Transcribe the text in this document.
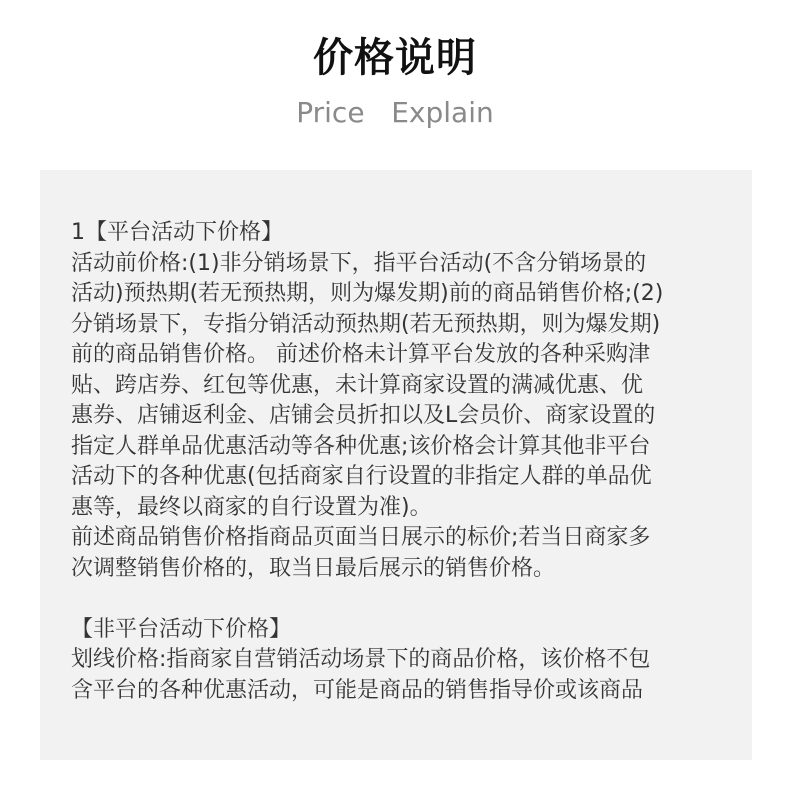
价格说明
Price   Explain
1【平台活动下价格】
活动前价格:(1)非分销场景下，指平台活动(不含分销场景的
活动)预热期(若无预热期，则为爆发期)前的商品销售价格;(2)
分销场景下，专指分销活动预热期(若无预热期，则为爆发期)
前的商品销售价格。 前述价格未计算平台发放的各种采购津
贴、跨店券、红包等优惠，未计算商家设置的满减优惠、优
惠券、店铺返利金、店铺会员折扣以及L会员价、商家设置的
指定人群单品优惠活动等各种优惠;该价格会计算其他非平台
活动下的各种优惠(包括商家自行设置的非指定人群的单品优
惠等，最终以商家的自行设置为准)。
前述商品销售价格指商品页面当日展示的标价;若当日商家多
次调整销售价格的，取当日最后展示的销售价格。
【非平台活动下价格】
划线价格:指商家自营销活动场景下的商品价格，该价格不包
含平台的各种优惠活动，可能是商品的销售指导价或该商品
